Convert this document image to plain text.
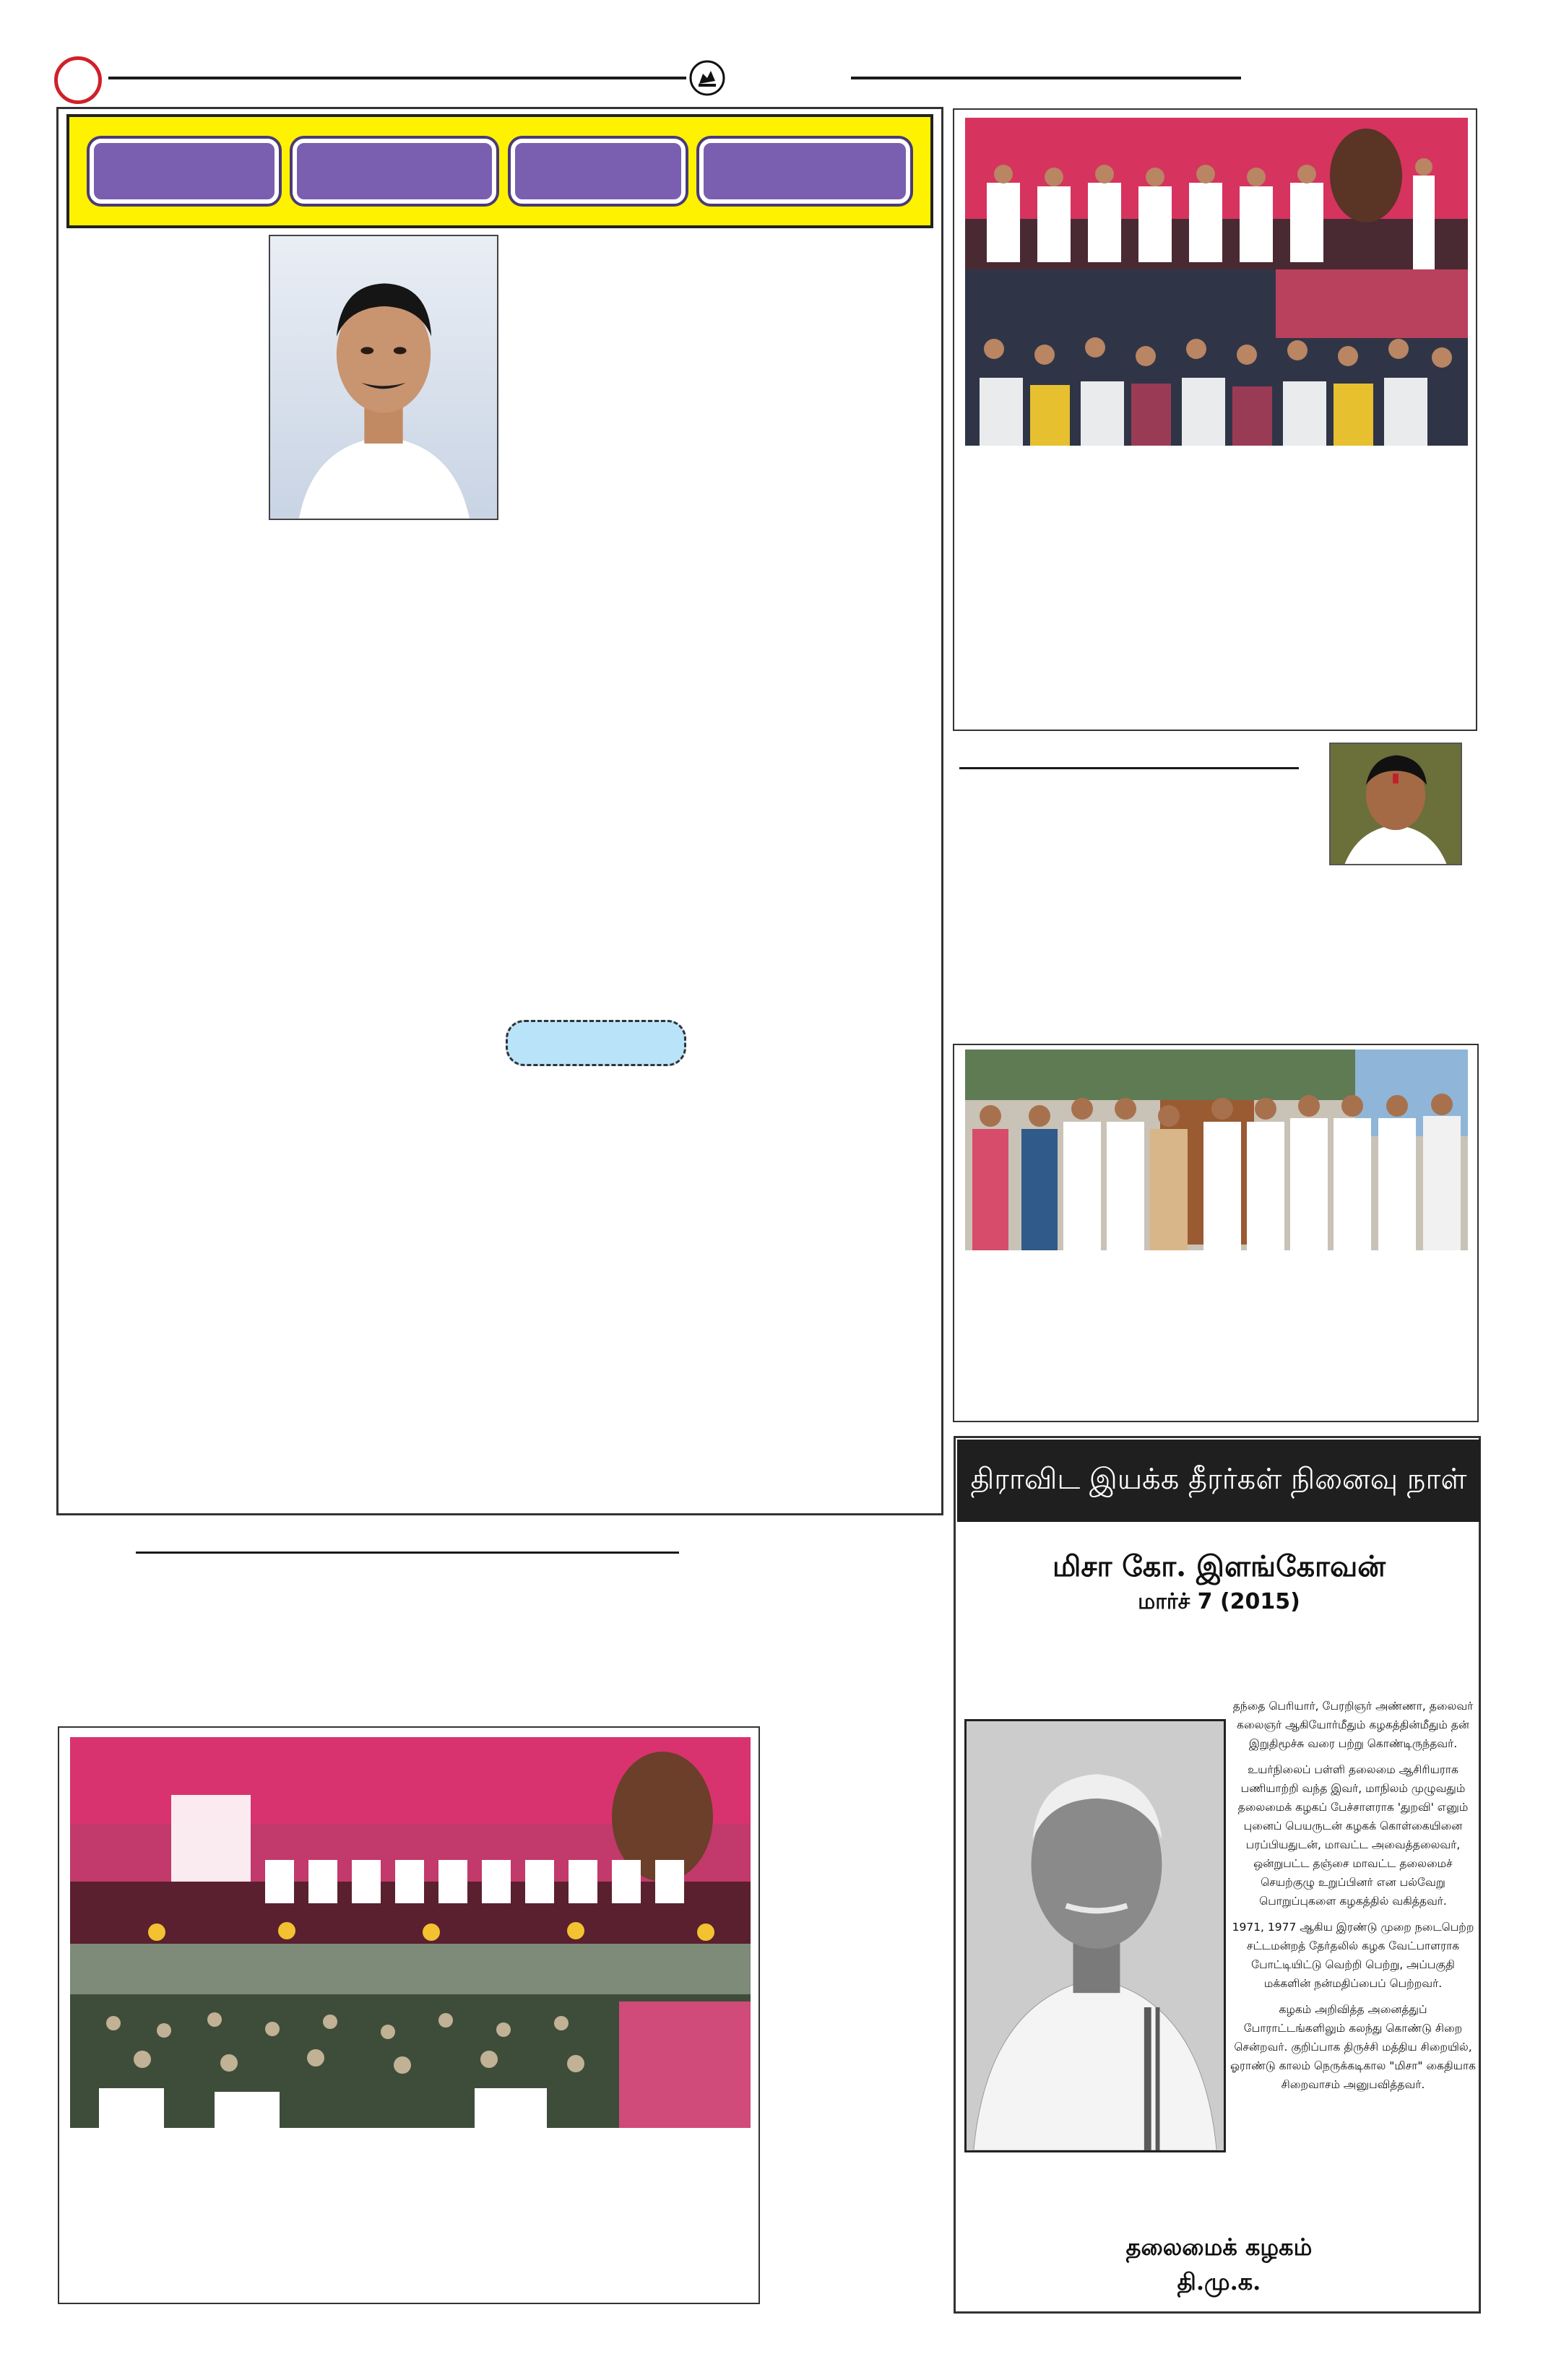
திராவிட இயக்க தீரர்கள் நினைவு நாள்
மிசா கோ. இளங்கோவன்
மார்ச் 7 (2015)

தந்தை பெரியார், பேரறிஞர் அண்ணா, தலைவர் கலைஞர் ஆகியோர்மீதும் கழகத்தின்மீதும் தன் இறுதிமூச்சு வரை பற்று கொண்டிருந்தவர்.

உயர்நிலைப் பள்ளி தலைமை ஆசிரியராக பணியாற்றி வந்த இவர், மாநிலம் முழுவதும் தலைமைக் கழகப் பேச்சாளராக 'துறவி' எனும் புனைப் பெயருடன் கழகக் கொள்கையினை பரப்பியதுடன், மாவட்ட அவைத்தலைவர், ஒன்றுபட்ட தஞ்சை மாவட்ட தலைமைச் செயற்குழு உறுப்பினர் என பல்வேறு பொறுப்புகளை கழகத்தில் வகித்தவர்.

1971, 1977 ஆகிய இரண்டு முறை நடைபெற்ற சட்டமன்றத் தேர்தலில் கழக வேட்பாளராக போட்டியிட்டு வெற்றி பெற்று, அப்பகுதி மக்களின் நன்மதிப்பைப் பெற்றவர்.

கழகம் அறிவித்த அனைத்துப் போராட்டங்களிலும் கலந்து கொண்டு சிறை சென்றவர். குறிப்பாக திருச்சி மத்திய சிறையில், ஓராண்டு காலம் நெருக்கடிகால "மிசா" கைதியாக சிறைவாசம் அனுபவித்தவர்.

தலைமைக் கழகம்
தி.மு.க.
